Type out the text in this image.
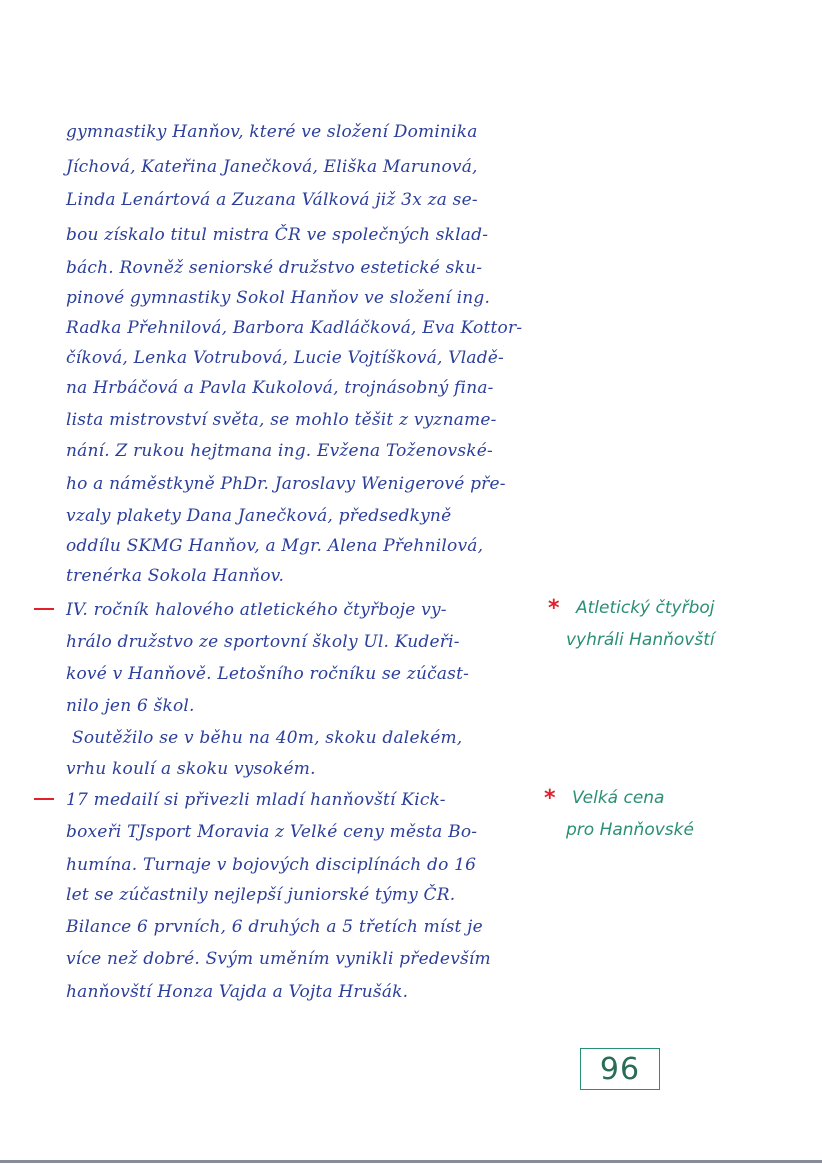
gymnastiky Hanňov, které ve složení Dominika
Jíchová, Kateřina Janečková, Eliška Marunová,
Linda Lenártová a Zuzana Válková již 3x za se-
bou získalo titul mistra ČR ve společných sklad-
bách. Rovněž seniorské družstvo estetické sku-
pinové gymnastiky Sokol Hanňov ve složení ing.
Radka Přehnilová, Barbora Kadláčková, Eva Kottor-
číková, Lenka Votrubová, Lucie Vojtíšková, Vladě-
na Hrbáčová a Pavla Kukolová, trojnásobný fina-
lista mistrovství světa, se mohlo těšit z vyzname-
nání. Z rukou hejtmana ing. Evžena Toženovské-
ho a náměstkyně PhDr. Jaroslavy Wenigerové pře-
vzaly plakety Dana Janečková, předsedkyně
oddílu SKMG Hanňov, a Mgr. Alena Přehnilová,
trenérka Sokola Hanňov.
IV. ročník halového atletického čtyřboje vy-
hrálo družstvo ze sportovní školy Ul. Kudeři-
kové v Hanňově. Letošního ročníku se zúčast-
nilo jen 6 škol.
Soutěžilo se v běhu na 40m, skoku dalekém,
vrhu koulí a skoku vysokém.
17 medailí si přivezli mladí hanňovští Kick-
boxeři TJsport Moravia z Velké ceny města Bo-
humína. Turnaje v bojových disciplínách do 16
let se zúčastnily nejlepší juniorské týmy ČR.
Bilance 6 prvních, 6 druhých a 5 třetích míst je
více než dobré. Svým uměním vynikli především
hanňovští Honza Vajda a Vojta Hrušák.
* Atletický čtyřboj
vyhráli Hanňovští
* Velká cena
pro Hanňovské
96
